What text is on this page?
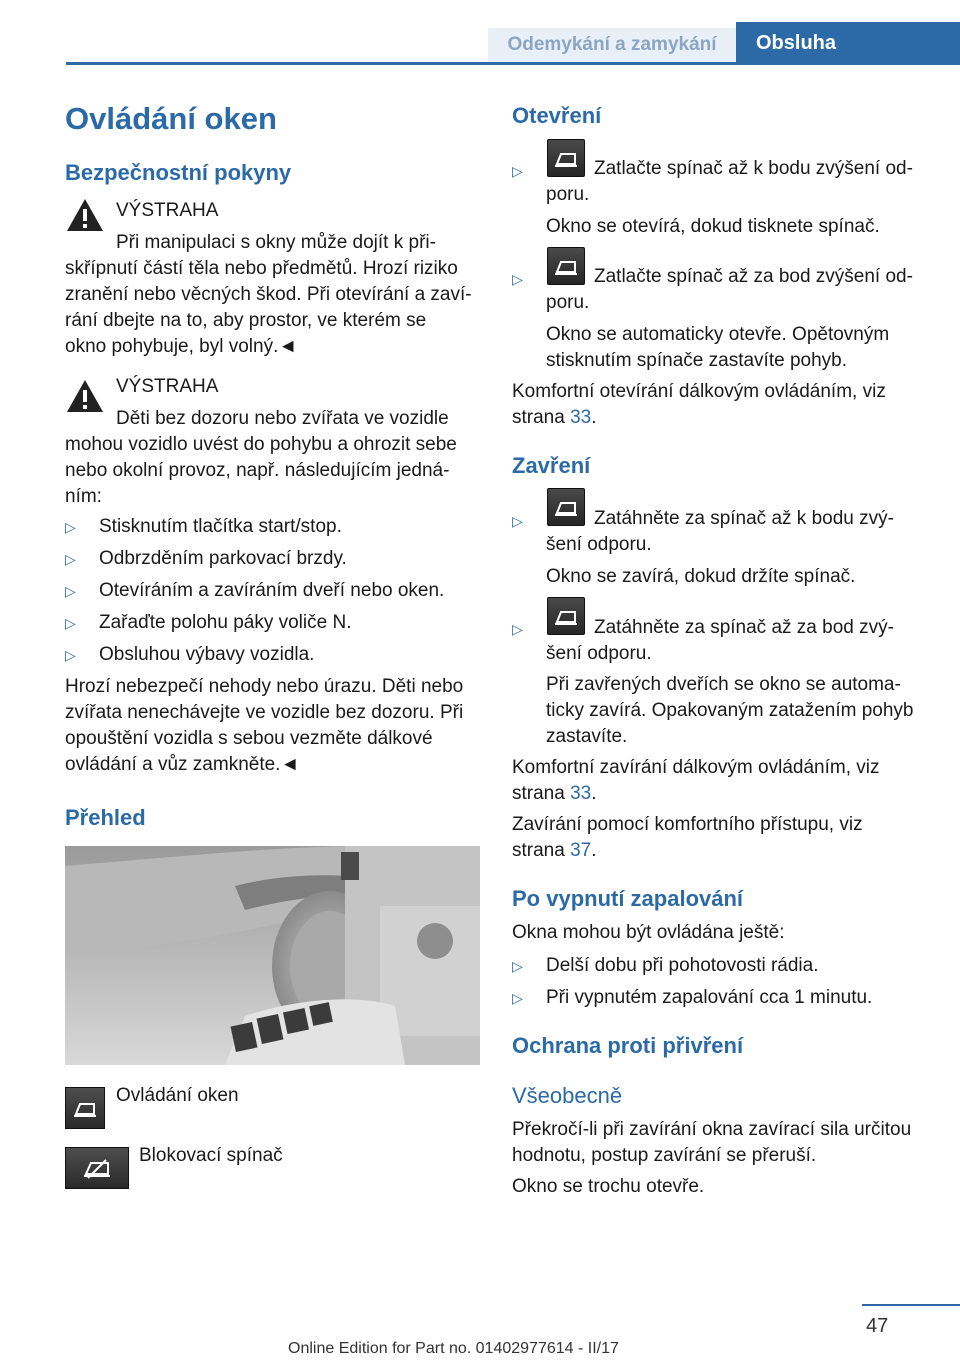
Odemykání a zamykání	Obsluha
Ovládání oken
Bezpečnostní pokyny
VÝSTRAHA
Při manipulaci s okny může dojít k při-
skřípnutí částí těla nebo předmětů. Hrozí riziko
zranění nebo věcných škod. Při otevírání a zaví-
rání dbejte na to, aby prostor, ve kterém se
okno pohybuje, byl volný.◄
VÝSTRAHA
Děti bez dozoru nebo zvířata ve vozidle
mohou vozidlo uvést do pohybu a ohrozit sebe
nebo okolní provoz, např. následujícím jedná-
ním:
▷ Stisknutím tlačítka start/stop.
▷ Odbrzděním parkovací brzdy.
▷ Otevíráním a zavíráním dveří nebo oken.
▷ Zařaďte polohu páky voliče N.
▷ Obsluhou výbavy vozidla.
Hrozí nebezpečí nehody nebo úrazu. Děti nebo
zvířata nenechávejte ve vozidle bez dozoru. Při
opouštění vozidla s sebou vezměte dálkové
ovládání a vůz zamkněte.◄
Přehled
Ovládání oken
Blokovací spínač
Otevření
▷	Zatlačte spínač až k bodu zvýšení od-
poru.
Okno se otevírá, dokud tisknete spínač.
▷	Zatlačte spínač až za bod zvýšení od-
poru.
Okno se automaticky otevře. Opětovným
stisknutím spínače zastavíte pohyb.
Komfortní otevírání dálkovým ovládáním, viz
strana 33.
Zavření
▷	Zatáhněte za spínač až k bodu zvý-
šení odporu.
Okno se zavírá, dokud držíte spínač.
▷	Zatáhněte za spínač až za bod zvý-
šení odporu.
Při zavřených dveřích se okno se automa-
ticky zavírá. Opakovaným zatažením pohyb
zastavíte.
Komfortní zavírání dálkovým ovládáním, viz
strana 33.
Zavírání pomocí komfortního přístupu, viz
strana 37.
Po vypnutí zapalování
Okna mohou být ovládána ještě:
▷ Delší dobu při pohotovosti rádia.
▷ Při vypnutém zapalování cca 1 minutu.
Ochrana proti přivření
Všeobecně
Překročí-li při zavírání okna zavírací sila určitou
hodnotu, postup zavírání se přeruší.
Okno se trochu otevře.
47
Online Edition for Part no. 01402977614 - II/17
